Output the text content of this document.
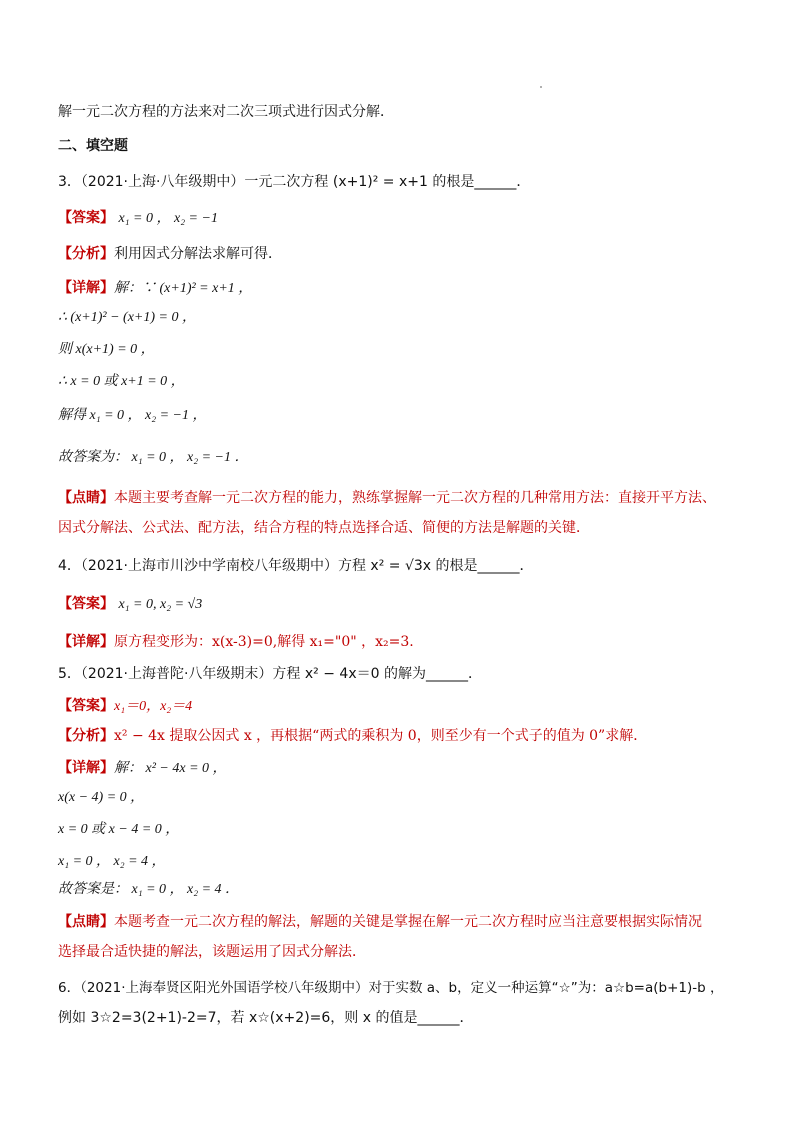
解一元二次方程的方法来对二次三项式进行因式分解．
二、填空题
3．（2021·上海·八年级期中）一元二次方程 (x+1)² = x+1 的根是______．
【答案】 x₁ = 0 ， x₂ = −1
【分析】利用因式分解法求解可得．
【详解】解：∵ (x+1)² = x+1 ，
∴ (x+1)² − (x+1) = 0 ，
则 x(x+1) = 0 ，
∴ x = 0 或 x+1 = 0 ，
解得 x₁ = 0 ， x₂ = −1 ，
故答案为： x₁ = 0 ， x₂ = −1 ．
【点睛】本题主要考查解一元二次方程的能力，熟练掌握解一元二次方程的几种常用方法：直接开平方法、
因式分解法、公式法、配方法，结合方程的特点选择合适、简便的方法是解题的关键．
4．（2021·上海市川沙中学南校八年级期中）方程 x² = √3x 的根是______．
【答案】 x₁ = 0, x₂ = √3
【详解】原方程变形为：x(x-3)=0,解得 x₁="0" ，x₂=3.
5．（2021·上海普陀·八年级期末）方程 x² − 4x＝0 的解为______．
【答案】x₁＝0，x₂＝4
【分析】x² − 4x 提取公因式 x ，再根据“两式的乘积为 0，则至少有一个式子的值为 0”求解．
【详解】解： x² − 4x = 0 ，
x(x − 4) = 0 ，
x = 0 或 x − 4 = 0 ，
x₁ = 0 ， x₂ = 4 ，
故答案是： x₁ = 0 ， x₂ = 4 ．
【点睛】本题考查一元二次方程的解法，解题的关键是掌握在解一元二次方程时应当注意要根据实际情况
选择最合适快捷的解法，该题运用了因式分解法．
6．（2021·上海奉贤区阳光外国语学校八年级期中）对于实数 a、b，定义一种运算“☆”为：a☆b=a(b+1)-b ，
例如 3☆2=3(2+1)-2=7，若 x☆(x+2)=6，则 x 的值是______．
